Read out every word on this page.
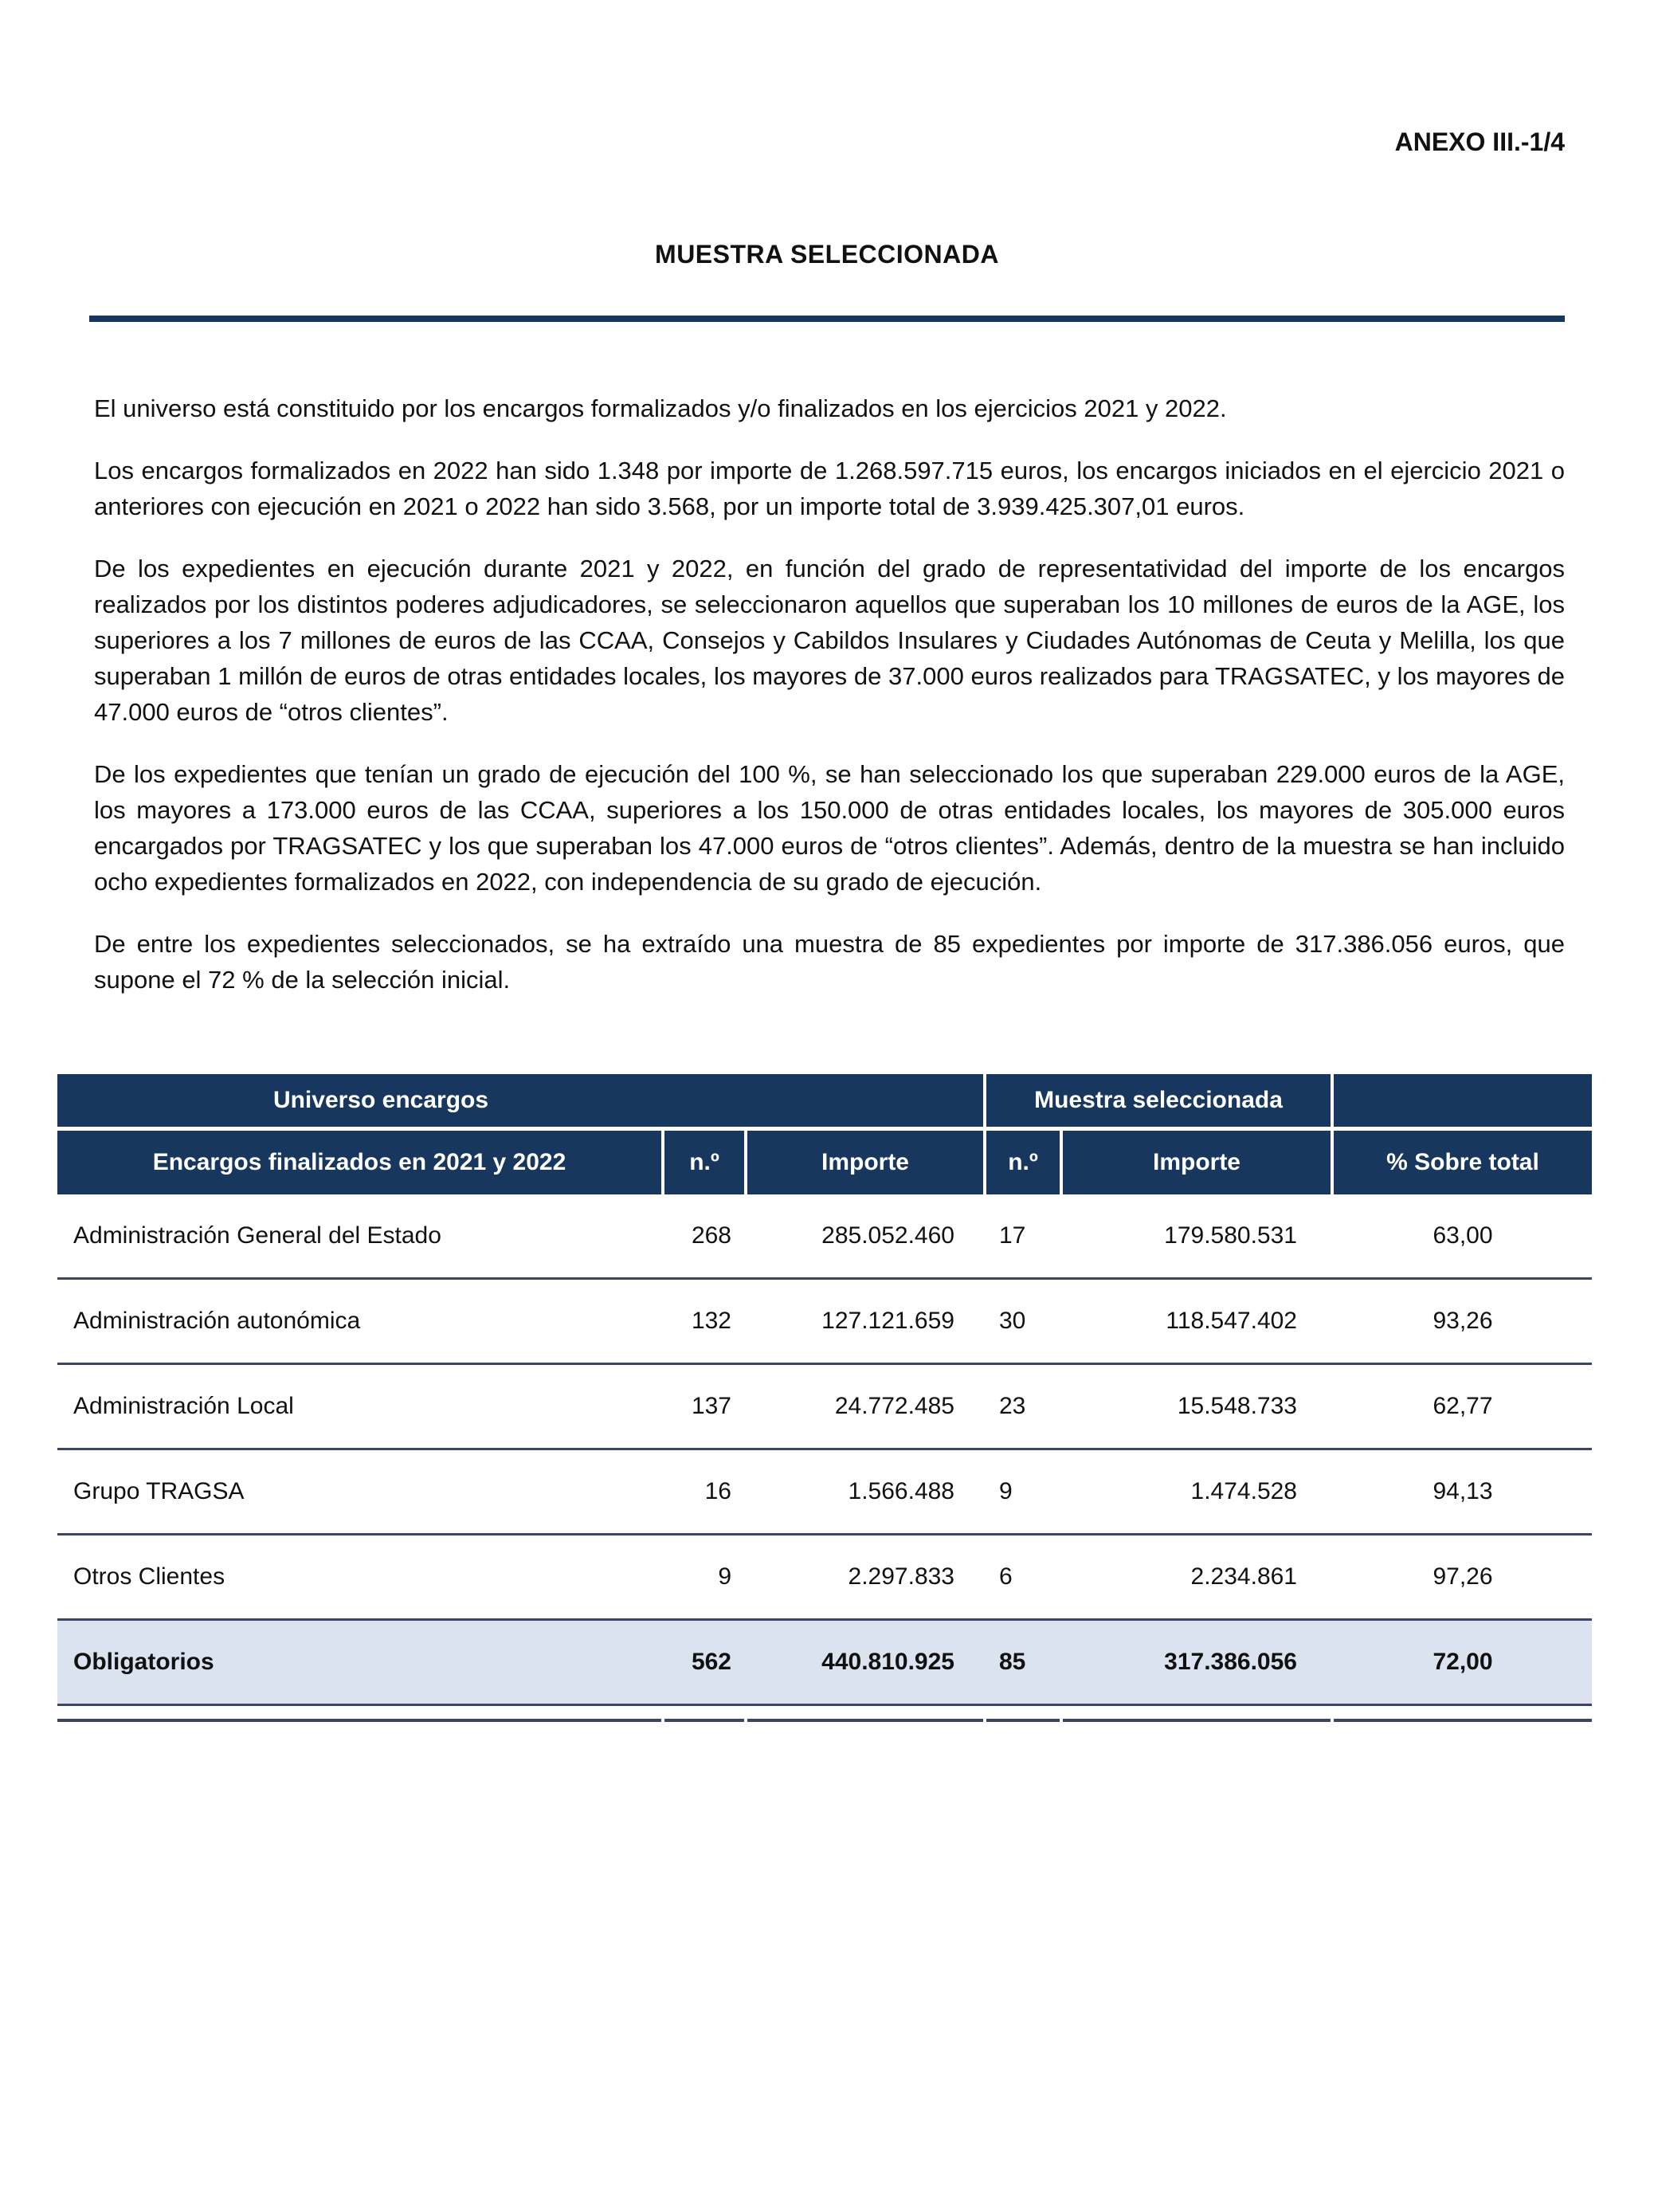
ANEXO III.-1/4
MUESTRA SELECCIONADA

El universo está constituido por los encargos formalizados y/o finalizados en los ejercicios 2021 y 2022.

Los encargos formalizados en 2022 han sido 1.348 por importe de 1.268.597.715 euros, los encargos iniciados en el ejercicio 2021 o anteriores con ejecución en 2021 o 2022 han sido 3.568, por un importe total de 3.939.425.307,01 euros.

De los expedientes en ejecución durante 2021 y 2022, en función del grado de representatividad del importe de los encargos realizados por los distintos poderes adjudicadores, se seleccionaron aquellos que superaban los 10 millones de euros de la AGE, los superiores a los 7 millones de euros de las CCAA, Consejos y Cabildos Insulares y Ciudades Autónomas de Ceuta y Melilla, los que superaban 1 millón de euros de otras entidades locales, los mayores de 37.000 euros realizados para TRAGSATEC, y los mayores de 47.000 euros de “otros clientes”.

De los expedientes que tenían un grado de ejecución del 100 %, se han seleccionado los que superaban 229.000 euros de la AGE, los mayores a 173.000 euros de las CCAA, superiores a los 150.000 de otras entidades locales, los mayores de 305.000 euros encargados por TRAGSATEC y los que superaban los 47.000 euros de “otros clientes”. Además, dentro de la muestra se han incluido ocho expedientes formalizados en 2022, con independencia de su grado de ejecución.

De entre los expedientes seleccionados, se ha extraído una muestra de 85 expedientes por importe de 317.386.056 euros, que supone el 72 % de la selección inicial.

Universo encargos	Muestra seleccionada
Encargos finalizados en 2021 y 2022	n.º	Importe	n.º	Importe	% Sobre total
Administración General del Estado	268	285.052.460	17	179.580.531	63,00
Administración autonómica	132	127.121.659	30	118.547.402	93,26
Administración Local	137	24.772.485	23	15.548.733	62,77
Grupo TRAGSA	16	1.566.488	9	1.474.528	94,13
Otros Clientes	9	2.297.833	6	2.234.861	97,26
Obligatorios	562	440.810.925	85	317.386.056	72,00
